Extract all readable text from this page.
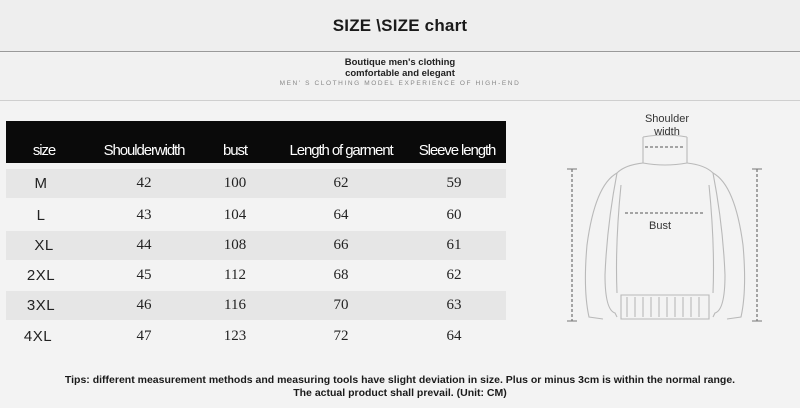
SIZE \SIZE chart
Boutique men's clothing
comfortable and elegant
MEN' S CLOTHING MODEL EXPERIENCE OF HIGH-END
size	Shoulderwidth	bust	Length of garment	Sleeve length
M	42	100	62	59
L	43	104	64	60
XL	44	108	66	61
2XL	45	112	68	62
3XL	46	116	70	63
4XL	47	123	72	64
Shoulder
width
Bust
Tips: different measurement methods and measuring tools have slight deviation in size. Plus or minus 3cm is within the normal range.
The actual product shall prevail. (Unit: CM)
